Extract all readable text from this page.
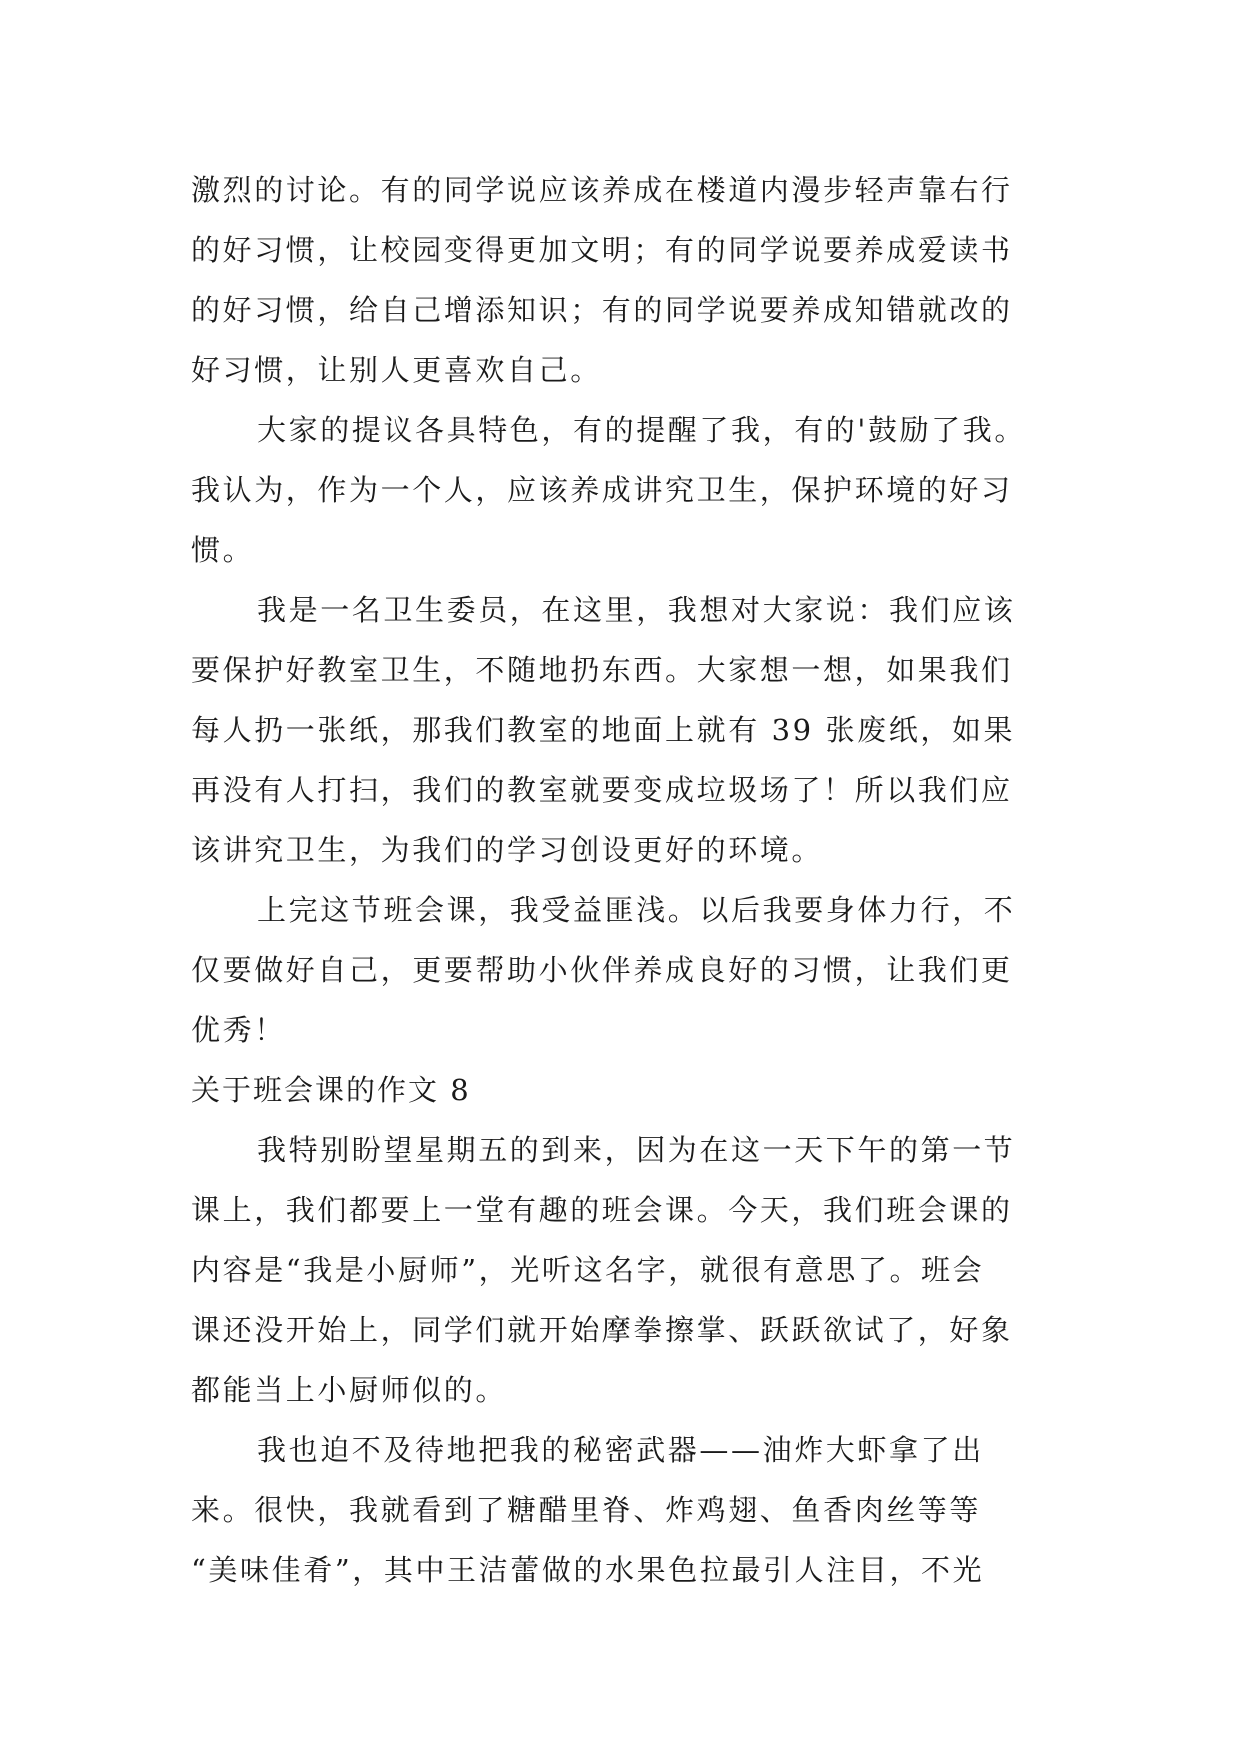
激烈的讨论。有的同学说应该养成在楼道内漫步轻声靠右行
的好习惯，让校园变得更加文明；有的同学说要养成爱读书
的好习惯，给自己增添知识；有的同学说要养成知错就改的
好习惯，让别人更喜欢自己。
大家的提议各具特色，有的提醒了我，有的'鼓励了我。
我认为，作为一个人，应该养成讲究卫生，保护环境的好习
惯。
我是一名卫生委员，在这里，我想对大家说：我们应该
要保护好教室卫生，不随地扔东西。大家想一想，如果我们
每人扔一张纸，那我们教室的地面上就有 39 张废纸，如果
再没有人打扫，我们的教室就要变成垃圾场了！所以我们应
该讲究卫生，为我们的学习创设更好的环境。
上完这节班会课，我受益匪浅。以后我要身体力行，不
仅要做好自己，更要帮助小伙伴养成良好的习惯，让我们更
优秀！
关于班会课的作文 8
我特别盼望星期五的到来，因为在这一天下午的第一节
课上，我们都要上一堂有趣的班会课。今天，我们班会课的
内容是“我是小厨师”，光听这名字，就很有意思了。班会
课还没开始上，同学们就开始摩拳擦掌、跃跃欲试了，好象
都能当上小厨师似的。
我也迫不及待地把我的秘密武器——油炸大虾拿了出
来。很快，我就看到了糖醋里脊、炸鸡翅、鱼香肉丝等等
“美味佳肴”，其中王洁蕾做的水果色拉最引人注目，不光
